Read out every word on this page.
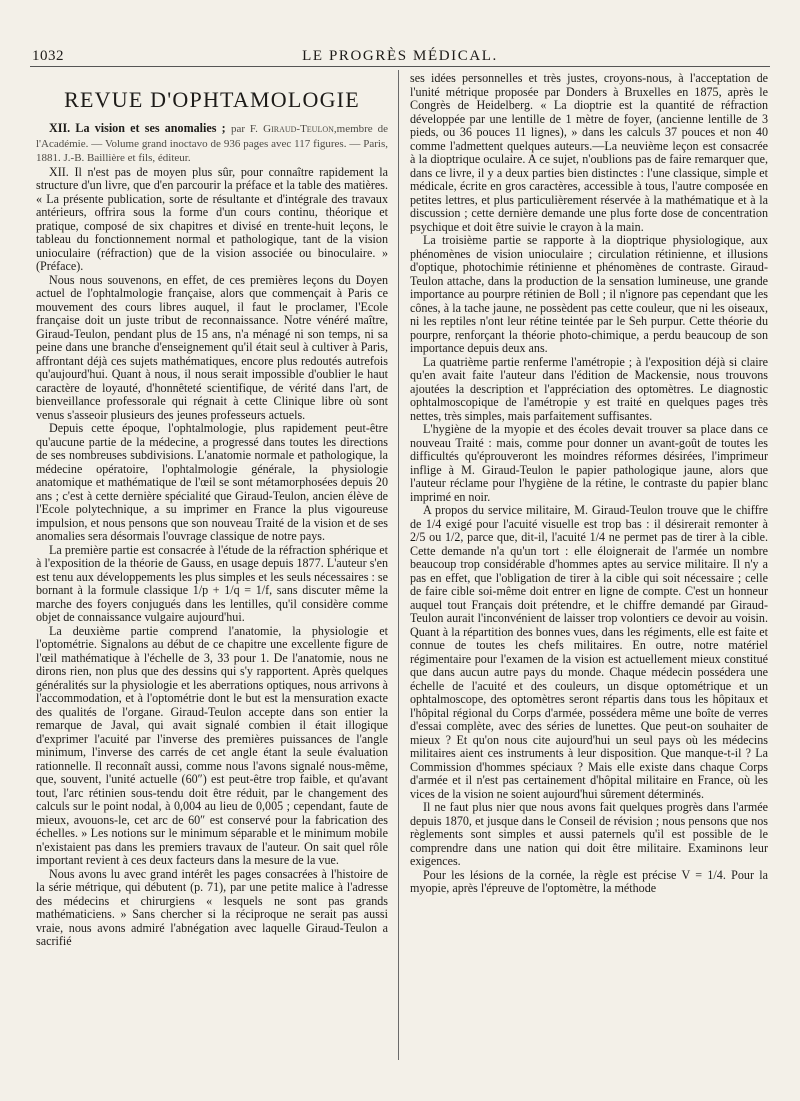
1032	LE PROGRÈS MÉDICAL.
REVUE D'OPHTAMOLOGIE

XII. La vision et ses anomalies ; par F. Giraud-Teulon,membre de l'Académie. — Volume grand inoctavo de 936 pages avec 117 figures. — Paris, 1881. J.-B. Baillière et fils, éditeur.

XII. Il n'est pas de moyen plus sûr, pour connaître rapidement la structure d'un livre, que d'en parcourir la préface et la table des matières. « La présente publication, sorte de résultante et d'intégrale des travaux antérieurs, offrira sous la forme d'un cours continu, théorique et pratique, composé de six chapitres et divisé en trente-huit leçons, le tableau du fonctionnement normal et pathologique, tant de la vision unioculaire (réfraction) que de la vision associée ou binoculaire. » (Préface).

Nous nous souvenons, en effet, de ces premières leçons du Doyen actuel de l'ophtalmologie française, alors que commençait à Paris ce mouvement des cours libres auquel, il faut le proclamer, l'Ecole française doit un juste tribut de reconnaissance. Notre vénéré maître, Giraud-Teulon, pendant plus de 15 ans, n'a ménagé ni son temps, ni sa peine dans une branche d'enseignement qu'il était seul à cultiver à Paris, affrontant déjà ces sujets mathématiques, encore plus redoutés autrefois qu'aujourd'hui. Quant à nous, il nous serait impossible d'oublier le haut caractère de loyauté, d'honnêteté scientifique, de vérité dans l'art, de bienveillance professorale qui régnait à cette Clinique libre où sont venus s'asseoir plusieurs des jeunes professeurs actuels.

Depuis cette époque, l'ophtalmologie, plus rapidement peut-être qu'aucune partie de la médecine, a progressé dans toutes les directions de ses nombreuses subdivisions. L'anatomie normale et pathologique, la médecine opératoire, l'ophtalmologie générale, la physiologie anatomique et mathématique de l'œil se sont métamorphosées depuis 20 ans ; c'est à cette dernière spécialité que Giraud-Teulon, ancien élève de l'Ecole polytechnique, a su imprimer en France la plus vigoureuse impulsion, et nous pensons que son nouveau Traité de la vision et de ses anomalies sera désormais l'ouvrage classique de notre pays.

La première partie est consacrée à l'étude de la réfraction sphérique et à l'exposition de la théorie de Gauss, en usage depuis 1877. L'auteur s'en est tenu aux développements les plus simples et les seuls nécessaires : se bornant à la formule classique 1/p + 1/q = 1/f, sans discuter même la marche des foyers conjugués dans les lentilles, qu'il considère comme objet de connaissance vulgaire aujourd'hui.

La deuxième partie comprend l'anatomie, la physiologie et l'optométrie. Signalons au début de ce chapitre une excellente figure de l'œil mathématique à l'échelle de 3, 33 pour 1. De l'anatomie, nous ne dirons rien, non plus que des dessins qui s'y rapportent. Après quelques généralités sur la physiologie et les aberrations optiques, nous arrivons à l'accommodation, et à l'optométrie dont le but est la mensuration exacte des qualités de l'organe. Giraud-Teulon accepte dans son entier la remarque de Javal, qui avait signalé combien il était illogique d'exprimer l'acuité par l'inverse des premières puissances de l'angle minimum, l'inverse des carrés de cet angle étant la seule évaluation rationnelle. Il reconnaît aussi, comme nous l'avons signalé nous-même, que, souvent, l'unité actuelle (60″) est peut-être trop faible, et qu'avant tout, l'arc rétinien sous-tendu doit être réduit, par le changement des calculs sur le point nodal, à 0,004 au lieu de 0,005 ; cependant, faute de mieux, avouons-le, cet arc de 60″ est conservé pour la fabrication des échelles. » Les notions sur le minimum séparable et le minimum mobile n'existaient pas dans les premiers travaux de l'auteur. On sait quel rôle important revient à ces deux facteurs dans la mesure de la vue.

Nous avons lu avec grand intérêt les pages consacrées à l'histoire de la série métrique, qui débutent (p. 71), par une petite malice à l'adresse des médecins et chirurgiens « lesquels ne sont pas grands mathématiciens. » Sans chercher si la réciproque ne serait pas aussi vraie, nous avons admiré l'abnégation avec laquelle Giraud-Teulon a sacrifié

ses idées personnelles et très justes, croyons-nous, à l'acceptation de l'unité métrique proposée par Donders à Bruxelles en 1875, après le Congrès de Heidelberg. « La dioptrie est la quantité de réfraction développée par une lentille de 1 mètre de foyer, (ancienne lentille de 3 pieds, ou 36 pouces 11 lignes), » dans les calculs 37 pouces et non 40 comme l'admettent quelques auteurs.—La neuvième leçon est consacrée à la dioptrique oculaire. A ce sujet, n'oublions pas de faire remarquer que, dans ce livre, il y a deux parties bien distinctes : l'une classique, simple et médicale, écrite en gros caractères, accessible à tous, l'autre composée en petites lettres, et plus particulièrement réservée à la mathématique et à la discussion ; cette dernière demande une plus forte dose de concentration psychique et doit être suivie le crayon à la main.

La troisième partie se rapporte à la dioptrique physiologique, aux phénomènes de vision unioculaire ; circulation rétinienne, et illusions d'optique, photochimie rétinienne et phénomènes de contraste. Giraud-Teulon attache, dans la production de la sensation lumineuse, une grande importance au pourpre rétinien de Boll ; il n'ignore pas cependant que les cônes, à la tache jaune, ne possèdent pas cette couleur, que ni les oiseaux, ni les reptiles n'ont leur rétine teintée par le Seh purpur. Cette théorie du pourpre, renforçant la théorie photo-chimique, a perdu beaucoup de son importance depuis deux ans.

La quatrième partie renferme l'amétropie ; à l'exposition déjà si claire qu'en avait faite l'auteur dans l'édition de Mackensie, nous trouvons ajoutées la description et l'appréciation des optomètres. Le diagnostic ophtalmoscopique de l'amétropie y est traité en quelques pages très nettes, très simples, mais parfaitement suffisantes.

L'hygiène de la myopie et des écoles devait trouver sa place dans ce nouveau Traité : mais, comme pour donner un avant-goût de toutes les difficultés qu'éprouveront les moindres réformes désirées, l'imprimeur inflige à M. Giraud-Teulon le papier pathologique jaune, alors que l'auteur réclame pour l'hygiène de la rétine, le contraste du papier blanc imprimé en noir.

A propos du service militaire, M. Giraud-Teulon trouve que le chiffre de 1/4 exigé pour l'acuité visuelle est trop bas : il désirerait remonter à 2/5 ou 1/2, parce que, dit-il, l'acuité 1/4 ne permet pas de tirer à la cible. Cette demande n'a qu'un tort : elle éloignerait de l'armée un nombre beaucoup trop considérable d'hommes aptes au service militaire. Il n'y a pas en effet, que l'obligation de tirer à la cible qui soit nécessaire ; celle de faire cible soi-même doit entrer en ligne de compte. C'est un honneur auquel tout Français doit prétendre, et le chiffre demandé par Giraud-Teulon aurait l'inconvénient de laisser trop volontiers ce devoir au voisin. Quant à la répartition des bonnes vues, dans les régiments, elle est faite et connue de toutes les chefs militaires. En outre, notre matériel régimentaire pour l'examen de la vision est actuellement mieux constitué que dans aucun autre pays du monde. Chaque médecin possédera une échelle de l'acuité et des couleurs, un disque optométrique et un ophtalmoscope, des optomètres seront répartis dans tous les hôpitaux et l'hôpital régional du Corps d'armée, possédera même une boîte de verres d'essai complète, avec des séries de lunettes. Que peut-on souhaiter de mieux ? Et qu'on nous cite aujourd'hui un seul pays où les médecins militaires aient ces instruments à leur disposition. Que manque-t-il ? La Commission d'hommes spéciaux ? Mais elle existe dans chaque Corps d'armée et il n'est pas certainement d'hôpital militaire en France, où les vices de la vision ne soient aujourd'hui sûrement déterminés.

Il ne faut plus nier que nous avons fait quelques progrès dans l'armée depuis 1870, et jusque dans le Conseil de révision ; nous pensons que nos règlements sont simples et aussi paternels qu'il est possible de le comprendre dans une nation qui doit être militaire. Examinons leur exigences.

Pour les lésions de la cornée, la règle est précise V = 1/4. Pour la myopie, après l'épreuve de l'optomètre, la méthode
